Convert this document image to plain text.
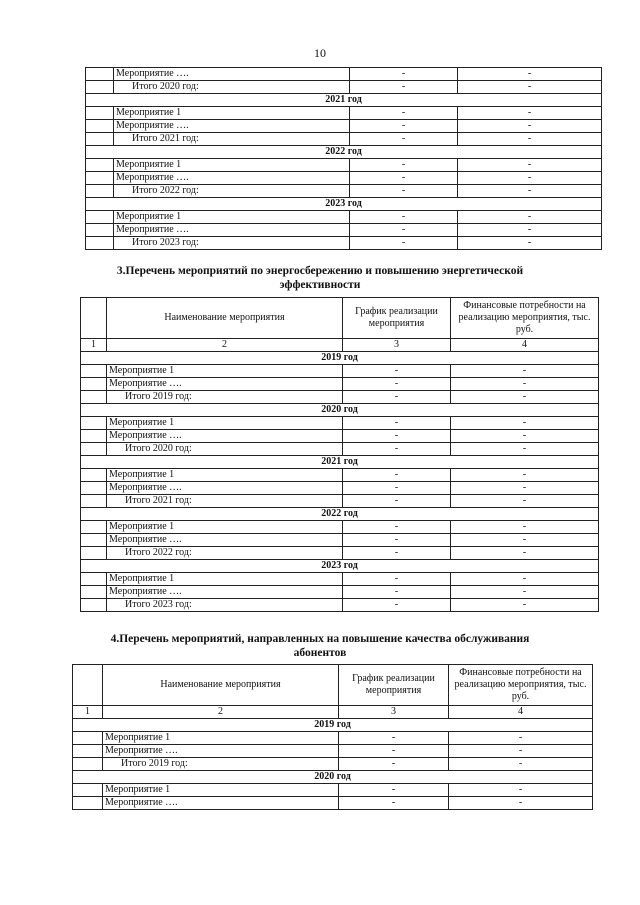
10
	Мероприятие ….	-	-
	Итого 2020 год:	-	-
2021 год			
	Мероприятие 1	-	-
	Мероприятие ….	-	-
	Итого 2021 год:	-	-
2022 год			
	Мероприятие 1	-	-
	Мероприятие ….	-	-
	Итого 2022 год:	-	-
2023 год			
	Мероприятие 1	-	-
	Мероприятие ….	-	-
	Итого 2023 год:	-	-
3.Перечень мероприятий по энергосбережению и повышению энергетической
эффективности
	Наименование мероприятия	График реализации мероприятия	Финансовые потребности на реализацию мероприятия, тыс. руб.
1	2	3	4
2019 год			
	Мероприятие 1	-	-
	Мероприятие ….	-	-
	Итого 2019 год:	-	-
2020 год			
	Мероприятие 1	-	-
	Мероприятие ….	-	-
	Итого 2020 год:	-	-
2021 год			
	Мероприятие 1	-	-
	Мероприятие ….	-	-
	Итого 2021 год:	-	-
2022 год			
	Мероприятие 1	-	-
	Мероприятие ….	-	-
	Итого 2022 год:	-	-
2023 год			
	Мероприятие 1	-	-
	Мероприятие ….	-	-
	Итого 2023 год:	-	-
4.Перечень мероприятий, направленных на повышение качества обслуживания
абонентов
	Наименование мероприятия	График реализации мероприятия	Финансовые потребности на реализацию мероприятия, тыс. руб.
1	2	3	4
2019 год			
	Мероприятие 1	-	-
	Мероприятие ….	-	-
	Итого 2019 год:	-	-
2020 год			
	Мероприятие 1	-	-
	Мероприятие ….	-	-
